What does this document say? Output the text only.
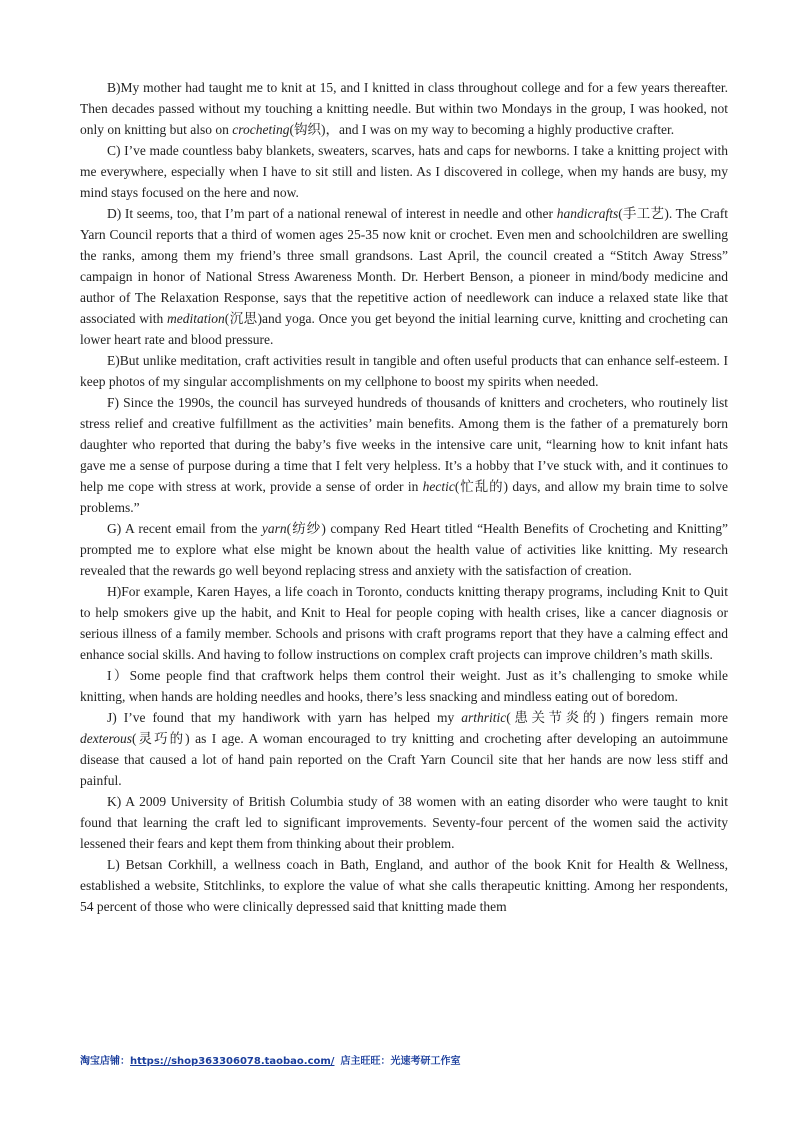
B)My mother had taught me to knit at 15, and I knitted in class throughout college and for a few years thereafter. Then decades passed without my touching a knitting needle. But within two Mondays in the group, I was hooked, not only on knitting but also on crocheting(钩织)，and I was on my way to becoming a highly productive crafter.

C) I’ve made countless baby blankets, sweaters, scarves, hats and caps for newborns. I take a knitting project with me everywhere, especially when I have to sit still and listen. As I discovered in college, when my hands are busy, my mind stays focused on the here and now.

D) It seems, too, that I’m part of a national renewal of interest in needle and other handicrafts(手工艺). The Craft Yarn Council reports that a third of women ages 25-35 now knit or crochet. Even men and schoolchildren are swelling the ranks, among them my friend’s three small grandsons. Last April, the council created a “Stitch Away Stress” campaign in honor of National Stress Awareness Month. Dr. Herbert Benson, a pioneer in mind/body medicine and author of The Relaxation Response, says that the repetitive action of needlework can induce a relaxed state like that associated with meditation(沉思)and yoga. Once you get beyond the initial learning curve, knitting and crocheting can lower heart rate and blood pressure.

E)But unlike meditation, craft activities result in tangible and often useful products that can enhance self-esteem. I keep photos of my singular accomplishments on my cellphone to boost my spirits when needed.

F) Since the 1990s, the council has surveyed hundreds of thousands of knitters and crocheters, who routinely list stress relief and creative fulfillment as the activities’ main benefits. Among them is the father of a prematurely born daughter who reported that during the baby’s five weeks in the intensive care unit, “learning how to knit infant hats gave me a sense of purpose during a time that I felt very helpless. It’s a hobby that I’ve stuck with, and it continues to help me cope with stress at work, provide a sense of order in hectic(忙乱的) days, and allow my brain time to solve problems.”

G) A recent email from the yarn(纺纱) company Red Heart titled “Health Benefits of Crocheting and Knitting” prompted me to explore what else might be known about the health value of activities like knitting. My research revealed that the rewards go well beyond replacing stress and anxiety with the satisfaction of creation.

H)For example, Karen Hayes, a life coach in Toronto, conducts knitting therapy programs, including Knit to Quit to help smokers give up the habit, and Knit to Heal for people coping with health crises, like a cancer diagnosis or serious illness of a family member. Schools and prisons with craft programs report that they have a calming effect and enhance social skills. And having to follow instructions on complex craft projects can improve children’s math skills.

I）Some people find that craftwork helps them control their weight. Just as it’s challenging to smoke while knitting, when hands are holding needles and hooks, there’s less snacking and mindless eating out of boredom.

J) I’ve found that my handiwork with yarn has helped my arthritic(患关节炎的) fingers remain more dexterous(灵巧的) as I age. A woman encouraged to try knitting and crocheting after developing an autoimmune disease that caused a lot of hand pain reported on the Craft Yarn Council site that her hands are now less stiff and painful.

K) A 2009 University of British Columbia study of 38 women with an eating disorder who were taught to knit found that learning the craft led to significant improvements. Seventy-four percent of the women said the activity lessened their fears and kept them from thinking about their problem.

L) Betsan Corkhill, a wellness coach in Bath, England, and author of the book Knit for Health & Wellness, established a website, Stitchlinks, to explore the value of what she calls therapeutic knitting. Among her respondents, 54 percent of those who were clinically depressed said that knitting made them

淘宝店铺：https://shop363306078.taobao.com/ 店主旺旺：光速考研工作室
